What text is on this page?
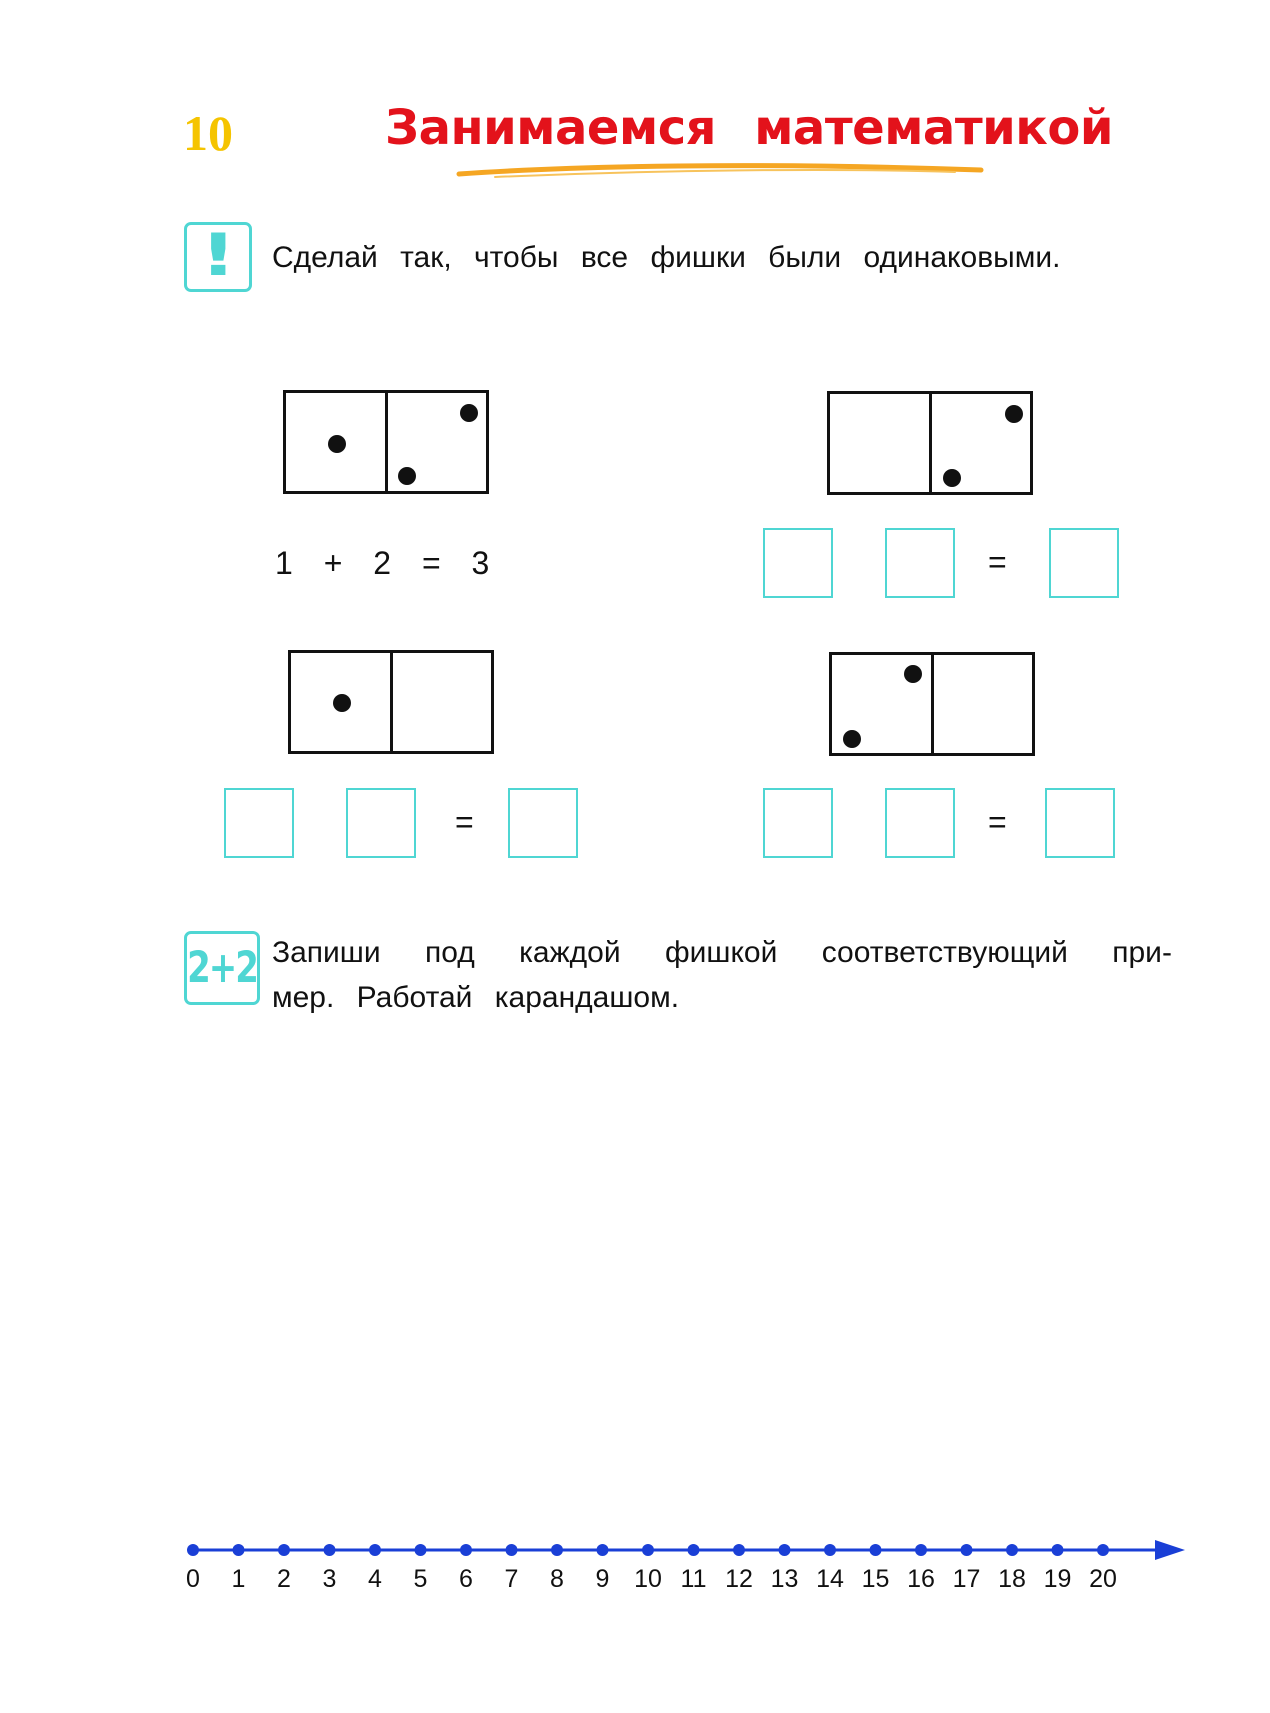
10	Занимаемся математикой
! Сделай так, чтобы все фишки были одинаковыми.
1 + 2 = 3	=
=	=
2+2 Запиши под каждой фишкой соответствующий при-
мер. Работай карандашом.
0 1 2 3 4 5 6 7 8 9 10 11 12 13 14 15 16 17 18 19 20
